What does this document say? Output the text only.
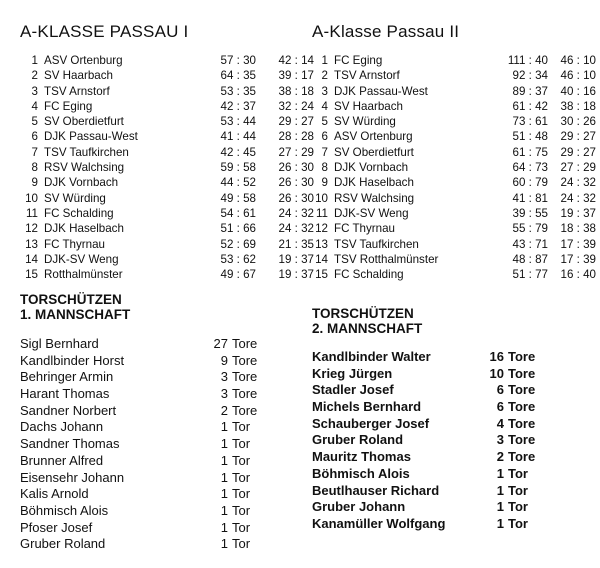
A-KLASSE PASSAU I
1 ASV Ortenburg	57 : 30	42 : 14
2 SV Haarbach	64 : 35	39 : 17
3 TSV Arnstorf	53 : 35	38 : 18
4 FC Eging	42 : 37	32 : 24
5 SV Oberdietfurt	53 : 44	29 : 27
6 DJK Passau-West	41 : 44	28 : 28
7 TSV Taufkirchen	42 : 45	27 : 29
8 RSV Walchsing	59 : 58	26 : 30
9 DJK Vornbach	44 : 52	26 : 30
10 SV Würding	49 : 58	26 : 30
11 FC Schalding	54 : 61	24 : 32
12 DJK Haselbach	51 : 66	24 : 32
13 FC Thyrnau	52 : 69	21 : 35
14 DJK-SV Weng	53 : 62	19 : 37
15 Rotthalmünster	49 : 67	19 : 37
TORSCHÜTZEN
1. MANNSCHAFT
Sigl Bernhard	27 Tore
Kandlbinder Horst	9 Tore
Behringer Armin	3 Tore
Harant Thomas	3 Tore
Sandner Norbert	2 Tore
Dachs Johann	1 Tor
Sandner Thomas	1 Tor
Brunner Alfred	1 Tor
Eisensehr Johann	1 Tor
Kalis Arnold	1 Tor
Böhmisch Alois	1 Tor
Pfoser Josef	1 Tor
Gruber Roland	1 Tor
A-Klasse Passau II
1 FC Eging	111 : 40	46 : 10
2 TSV Arnstorf	92 : 34	46 : 10
3 DJK Passau-West	89 : 37	40 : 16
4 SV Haarbach	61 : 42	38 : 18
5 SV Würding	73 : 61	30 : 26
6 ASV Ortenburg	51 : 48	29 : 27
7 SV Oberdietfurt	61 : 75	29 : 27
8 DJK Vornbach	64 : 73	27 : 29
9 DJK Haselbach	60 : 79	24 : 32
10 RSV Walchsing	41 : 81	24 : 32
11 DJK-SV Weng	39 : 55	19 : 37
12 FC Thyrnau	55 : 79	18 : 38
13 TSV Taufkirchen	43 : 71	17 : 39
14 TSV Rotthalmünster	48 : 87	17 : 39
15 FC Schalding	51 : 77	16 : 40
TORSCHÜTZEN
2. MANNSCHAFT
Kandlbinder Walter	16 Tore
Krieg Jürgen	10 Tore
Stadler Josef	6 Tore
Michels Bernhard	6 Tore
Schauberger Josef	4 Tore
Gruber Roland	3 Tore
Mauritz Thomas	2 Tore
Böhmisch Alois	1 Tor
Beutlhauser Richard	1 Tor
Gruber Johann	1 Tor
Kanamüller Wolfgang	1 Tor
